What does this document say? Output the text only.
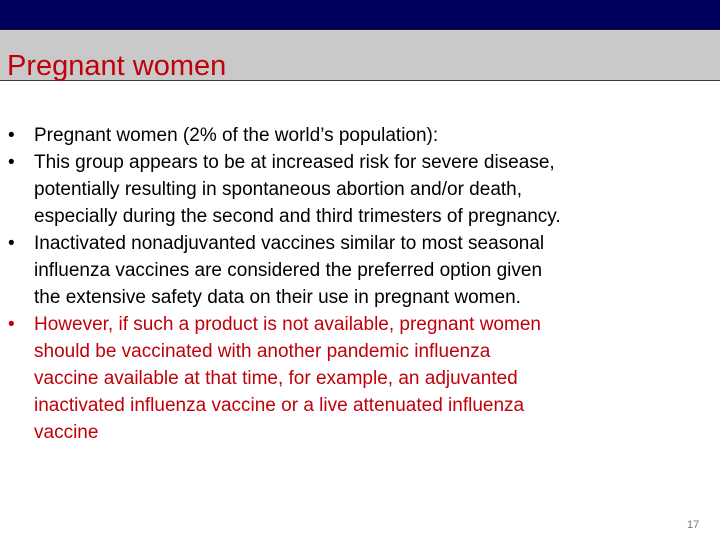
Pregnant women
• Pregnant women (2% of the world’s population):
• This group appears to be at increased risk for severe disease,
potentially resulting in spontaneous abortion and/or death,
especially during the second and third trimesters of pregnancy.
• Inactivated nonadjuvanted vaccines similar to most seasonal
influenza vaccines are considered the preferred option given
the extensive safety data on their use in pregnant women.
• However, if such a product is not available, pregnant women
should be vaccinated with another pandemic influenza
vaccine available at that time, for example, an adjuvanted
inactivated influenza vaccine or a live attenuated influenza
vaccine
17
